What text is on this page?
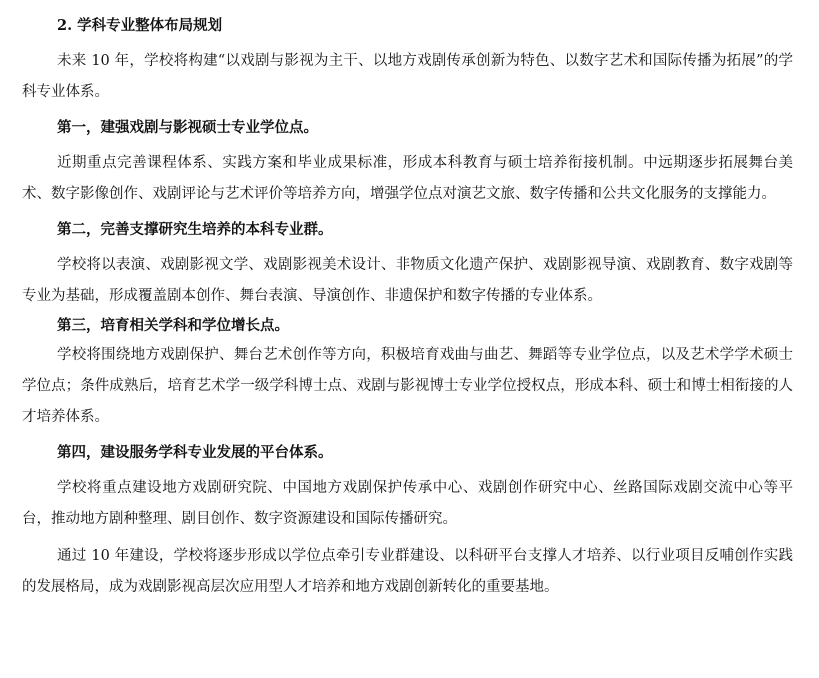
2. 学科专业整体布局规划

未来 10 年，学校将构建“以戏剧与影视为主干、以地方戏剧传承创新为特色、以数字艺术和国际传播为拓展”的学科专业体系。

第一，建强戏剧与影视硕士专业学位点。

近期重点完善课程体系、实践方案和毕业成果标准，形成本科教育与硕士培养衔接机制。中远期逐步拓展舞台美术、数字影像创作、戏剧评论与艺术评价等培养方向，增强学位点对演艺文旅、数字传播和公共文化服务的支撑能力。

第二，完善支撑研究生培养的本科专业群。

学校将以表演、戏剧影视文学、戏剧影视美术设计、非物质文化遗产保护、戏剧影视导演、戏剧教育、数字戏剧等专业为基础，形成覆盖剧本创作、舞台表演、导演创作、非遗保护和数字传播的专业体系。

第三，培育相关学科和学位增长点。

学校将围绕地方戏剧保护、舞台艺术创作等方向，积极培育戏曲与曲艺、舞蹈等专业学位点，以及艺术学学术硕士学位点；条件成熟后，培育艺术学一级学科博士点、戏剧与影视博士专业学位授权点，形成本科、硕士和博士相衔接的人才培养体系。

第四，建设服务学科专业发展的平台体系。

学校将重点建设地方戏剧研究院、中国地方戏剧保护传承中心、戏剧创作研究中心、丝路国际戏剧交流中心等平台，推动地方剧种整理、剧目创作、数字资源建设和国际传播研究。

通过 10 年建设，学校将逐步形成以学位点牵引专业群建设、以科研平台支撑人才培养、以行业项目反哺创作实践的发展格局，成为戏剧影视高层次应用型人才培养和地方戏剧创新转化的重要基地。
